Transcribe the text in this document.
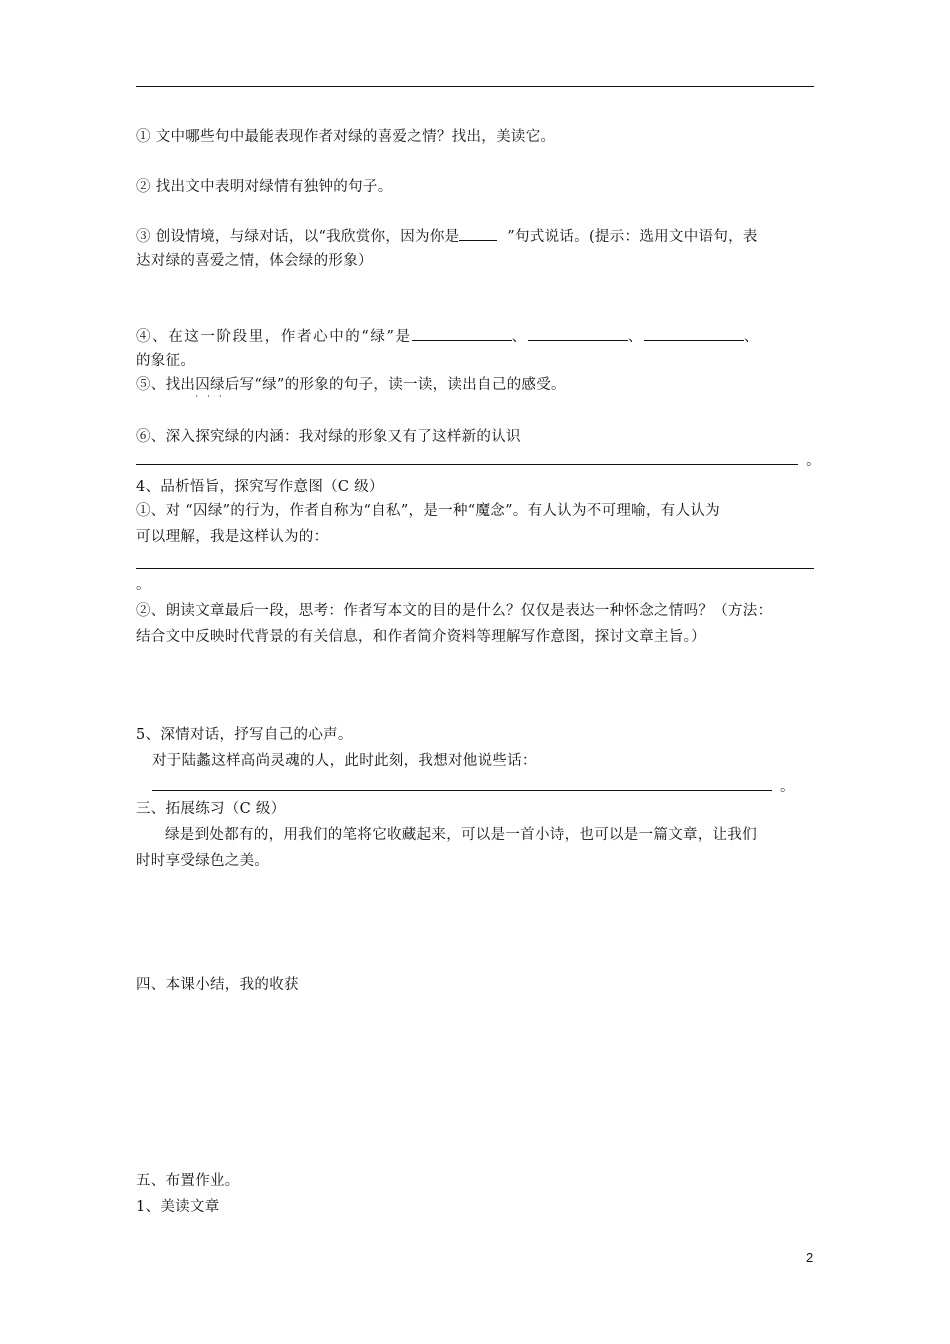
① 文中哪些句中最能表现作者对绿的喜爱之情？找出，美读它。
② 找出文中表明对绿情有独钟的句子。
③ 创设情境，与绿对话，以“我欣赏你，因为你是	”句式说话。(提示：选用文中语句，表
达对绿的喜爱之情，体会绿的形象）
④、在这一阶段里，作者心中的“绿”是	、	、	、
的象征。
⑤、找出囚绿后
···
写“绿”的形象的句子，读一读，读出自己的感受。
⑥、深入探究绿的内涵：我对绿的形象又有了这样新的认识
。
4、品析悟旨，探究写作意图（C 级）
①、对 “囚绿”的行为，作者自称为“自私”，是一种“魔念”。有人认为不可理喻，有人认为
可以理解，我是这样认为的：
。
②、朗读文章最后一段，思考：作者写本文的目的是什么？仅仅是表达一种怀念之情吗？（方法：
结合文中反映时代背景的有关信息，和作者简介资料等理解写作意图，探讨文章主旨。）
5、深情对话，抒写自己的心声。
对于陆蠡这样高尚灵魂的人，此时此刻，我想对他说些话：
。
三、拓展练习（C 级）
绿是到处都有的，用我们的笔将它收藏起来，可以是一首小诗，也可以是一篇文章，让我们
时时享受绿色之美。
四、本课小结，我的收获
五、布置作业。
1、美读文章
2
